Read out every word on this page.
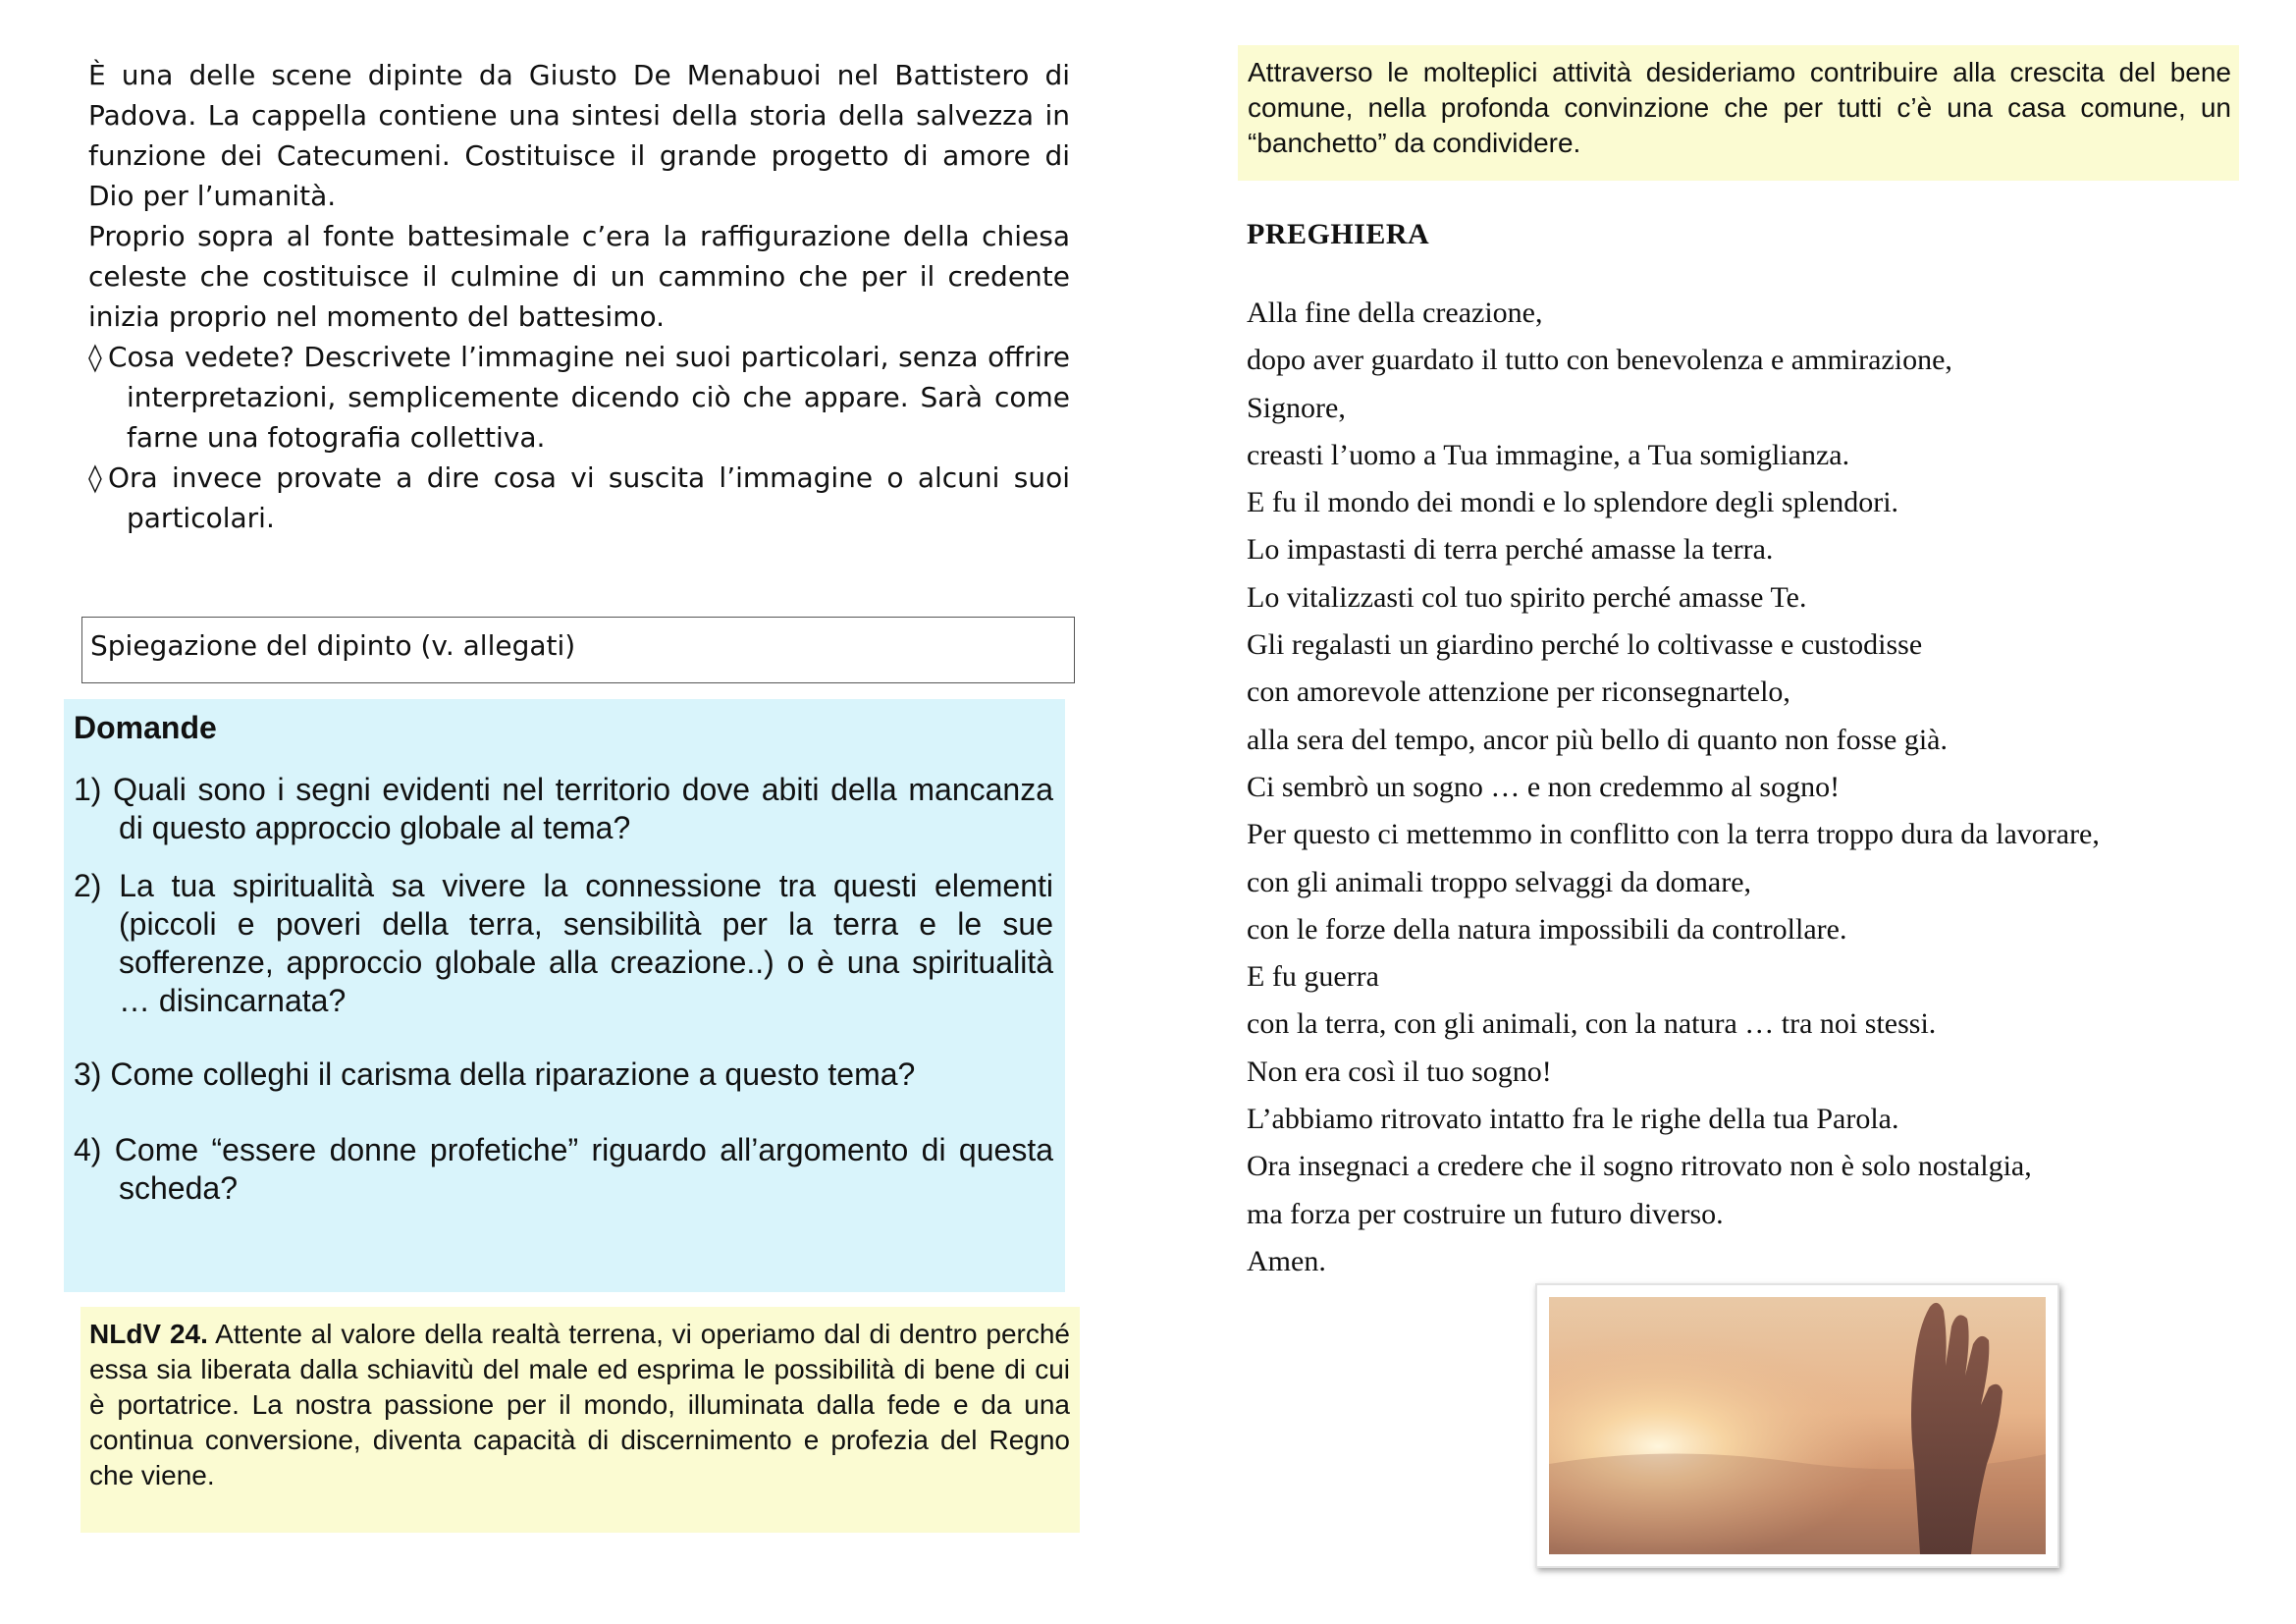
È una delle scene dipinte da Giusto De Menabuoi nel Battistero di Padova. La cappella contiene una sintesi della storia della salvezza in funzione dei Catecumeni. Costituisce il grande progetto di amore di Dio per l’umanità.

Proprio sopra al fonte battesimale c’era la raffigurazione della chiesa celeste che costituisce il culmine di un cammino che per il credente inizia proprio nel momento del battesimo.

◊ Cosa vedete? Descrivete l’immagine nei suoi particolari, senza offrire interpretazioni, semplicemente dicendo ciò che appare. Sarà come farne una fotografia collettiva.

◊ Ora invece provate a dire cosa vi suscita l’immagine o alcuni suoi particolari.

Spiegazione del dipinto (v. allegati)
Domande

1) Quali sono i segni evidenti nel territorio dove abiti della mancanza di questo approccio globale al tema?

2) La tua spiritualità sa vivere la connessione tra questi elementi (piccoli e poveri della terra, sensibilità per la terra e le sue sofferenze, approccio globale alla creazione..) o è una spiritualità … disincarnata?

3) Come colleghi il carisma della riparazione a questo tema?

4) Come “essere donne profetiche” riguardo all’argomento di questa scheda?

NLdV 24. Attente al valore della realtà terrena, vi operiamo dal di dentro perché essa sia liberata dalla schiavitù del male ed esprima le possibilità di bene di cui è portatrice. La nostra passione per il mondo, illuminata dalla fede e da una continua conversione, diventa capacità di discernimento e profezia del Regno che viene.
Attraverso le molteplici attività desideriamo contribuire alla crescita del bene comune, nella profonda convinzione che per tutti c’è una casa comune, un “banchetto” da condividere.
PREGHIERA
Alla fine della creazione,
dopo aver guardato il tutto con benevolenza e ammirazione,
Signore,
creasti l’uomo a Tua immagine, a Tua somiglianza.
E fu il mondo dei mondi e lo splendore degli splendori.
Lo impastasti di terra perché amasse la terra.
Lo vitalizzasti col tuo spirito perché amasse Te.
Gli regalasti un giardino perché lo coltivasse e custodisse
con amorevole attenzione per riconsegnartelo,
alla sera del tempo, ancor più bello di quanto non fosse già.
Ci sembrò un sogno … e non credemmo al sogno!
Per questo ci mettemmo in conflitto con la terra troppo dura da lavorare,
con gli animali troppo selvaggi da domare,
con le forze della natura impossibili da controllare.
E fu guerra
con la terra, con gli animali, con la natura … tra noi stessi.
Non era così il tuo sogno!
L’abbiamo ritrovato intatto fra le righe della tua Parola.
Ora insegnaci a credere che il sogno ritrovato non è solo nostalgia,
ma forza per costruire un futuro diverso.
Amen.
